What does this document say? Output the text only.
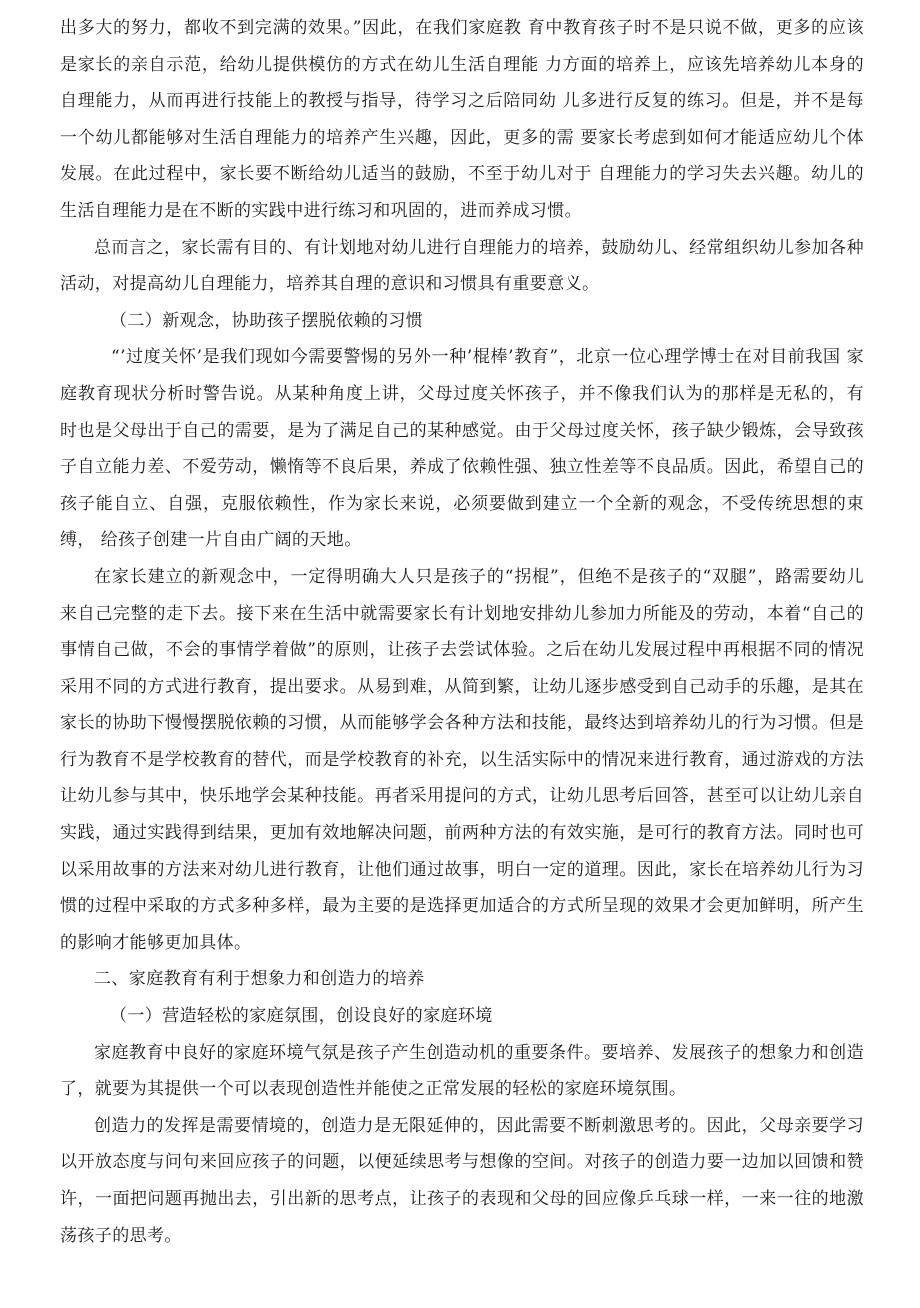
出多大的努力，都收不到完满的效果。”因此，在我们家庭教 育中教育孩子时不是只说不做，更多的应该是家长的亲自示范，给幼儿提供模仿的方式在幼儿生活自理能 力方面的培养上，应该先培养幼儿本身的自理能力，从而再进行技能上的教授与指导，待学习之后陪同幼 儿多进行反复的练习。但是，并不是每一个幼儿都能够对生活自理能力的培养产生兴趣，因此，更多的需 要家长考虑到如何才能适应幼儿个体发展。在此过程中，家长要不断给幼儿适当的鼓励，不至于幼儿对于 自理能力的学习失去兴趣。幼儿的生活自理能力是在不断的实践中进行练习和巩固的，进而养成习惯。

总而言之，家长需有目的、有计划地对幼儿进行自理能力的培养，鼓励幼儿、经常组织幼儿参加各种 活动，对提高幼儿自理能力，培养其自理的意识和习惯具有重要意义。

（二）新观念，协助孩子摆脱依赖的习惯

“’过度关怀’是我们现如今需要警惕的另外一种’棍棒’教育”，北京一位心理学博士在对目前我国 家庭教育现状分析时警告说。从某种角度上讲，父母过度关怀孩子，并不像我们认为的那样是无私的，有 时也是父母出于自己的需要，是为了满足自己的某种感觉。由于父母过度关怀，孩子缺少锻炼，会导致孩 子自立能力差、不爱劳动，懒惰等不良后果，养成了依赖性强、独立性差等不良品质。因此，希望自己的 孩子能自立、自强，克服依赖性，作为家长来说，必须要做到建立一个全新的观念，不受传统思想的束缚， 给孩子创建一片自由广阔的天地。

在家长建立的新观念中，一定得明确大人只是孩子的“拐棍”，但绝不是孩子的“双腿”，路需要幼儿 来自己完整的走下去。接下来在生活中就需要家长有计划地安排幼儿参加力所能及的劳动，本着“自己的 事情自己做，不会的事情学着做”的原则，让孩子去尝试体验。之后在幼儿发展过程中再根据不同的情况 采用不同的方式进行教育，提出要求。从易到难，从简到繁，让幼儿逐步感受到自己动手的乐趣，是其在 家长的协助下慢慢摆脱依赖的习惯，从而能够学会各种方法和技能，最终达到培养幼儿的行为习惯。但是 行为教育不是学校教育的替代，而是学校教育的补充，以生活实际中的情况来进行教育，通过游戏的方法 让幼儿参与其中，快乐地学会某种技能。再者采用提问的方式，让幼儿思考后回答，甚至可以让幼儿亲自 实践，通过实践得到结果，更加有效地解决问题，前两种方法的有效实施，是可行的教育方法。同时也可 以采用故事的方法来对幼儿进行教育，让他们通过故事，明白一定的道理。因此，家长在培养幼儿行为习 惯的过程中采取的方式多种多样，最为主要的是选择更加适合的方式所呈现的效果才会更加鲜明，所产生 的影响才能够更加具体。

二、家庭教育有利于想象力和创造力的培养

（一）营造轻松的家庭氛围，创设良好的家庭环境

家庭教育中良好的家庭环境气氛是孩子产生创造动机的重要条件。要培养、发展孩子的想象力和创造 了，就要为其提供一个可以表现创造性并能使之正常发展的轻松的家庭环境氛围。

创造力的发挥是需要情境的，创造力是无限延伸的，因此需要不断刺激思考的。因此，父母亲要学习 以开放态度与问句来回应孩子的问题，以便延续思考与想像的空间。对孩子的创造力要一边加以回馈和赞 许，一面把问题再抛出去，引出新的思考点，让孩子的表现和父母的回应像乒乓球一样，一来一往的地激 荡孩子的思考。
